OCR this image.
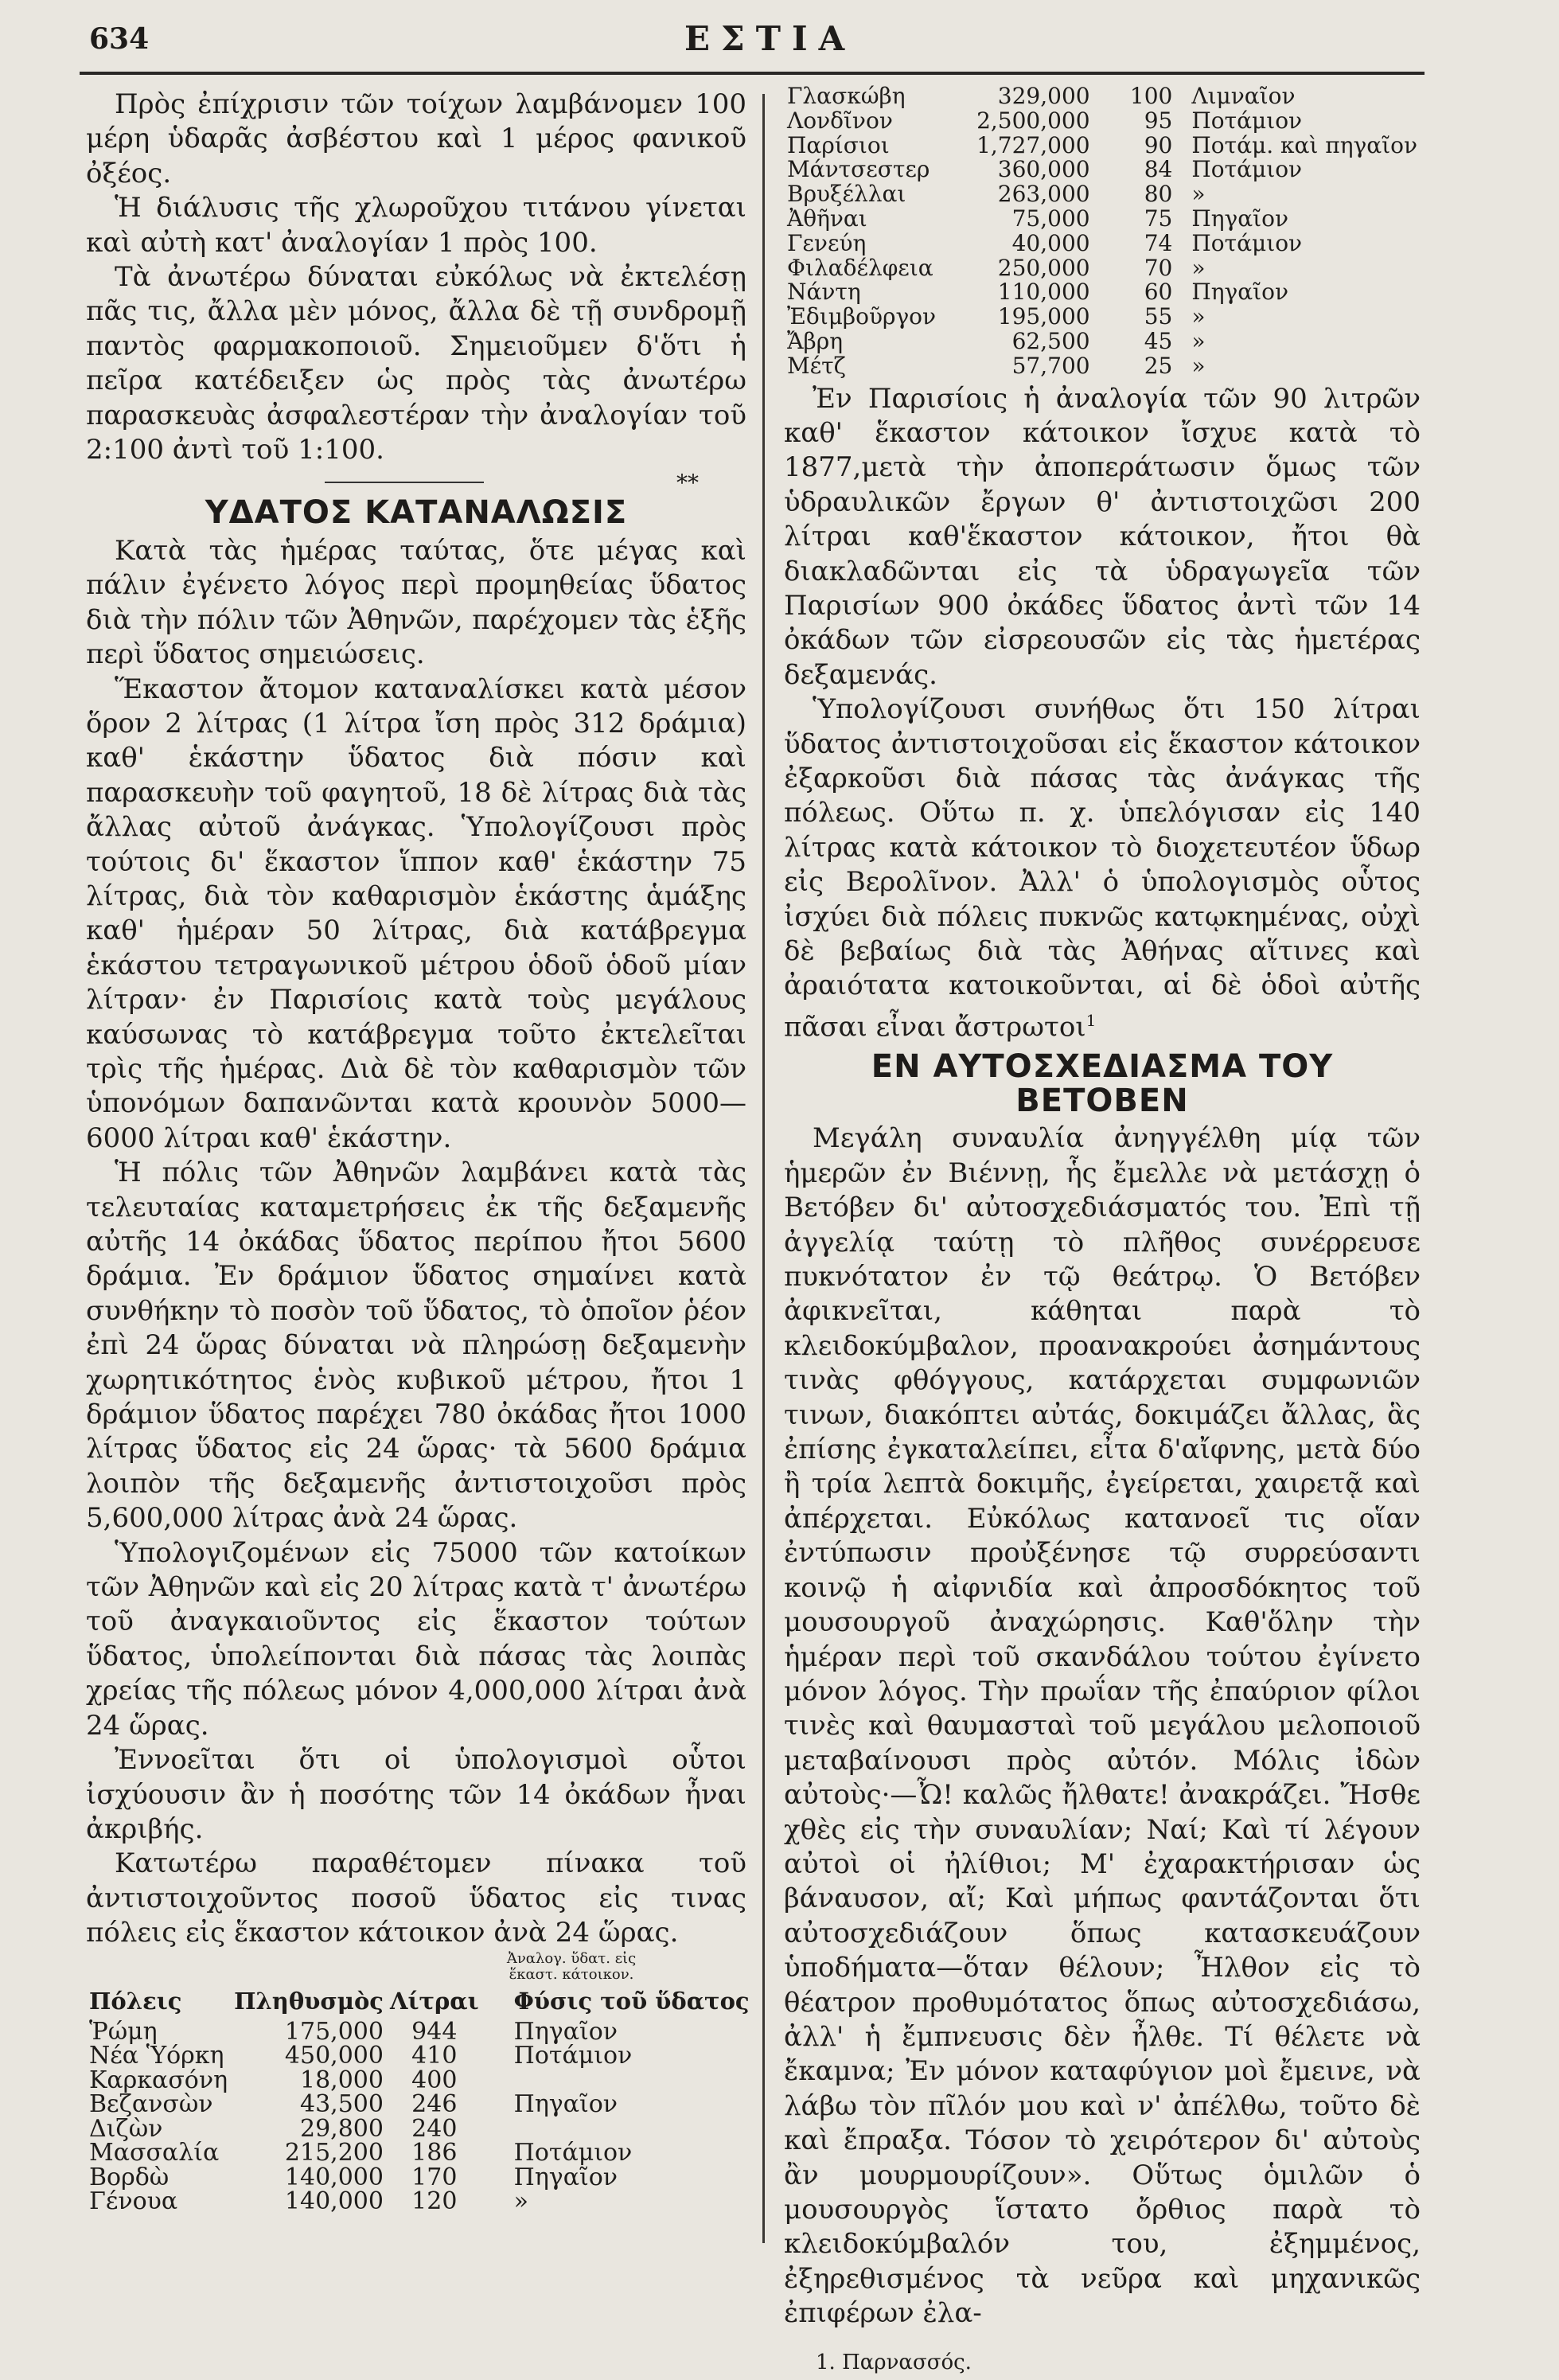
634	ΕΣΤΙΑ

Πρὸς ἐπίχρισιν τῶν τοίχων λαμβάνομεν 100 μέρη ὑδαρᾶς ἀσβέστου καὶ 1 μέρος φανικοῦ ὀξέος.

Ἡ διάλυσις τῆς χλωροῦχου τιτάνου γίνεται καὶ αὐτὴ κατ' ἀναλογίαν 1 πρὸς 100.

Τὰ ἀνωτέρω δύναται εὐκόλως νὰ ἐκτελέσῃ πᾶς τις, ἄλλα μὲν μόνος, ἄλλα δὲ τῇ συνδρομῇ παντὸς φαρμακοποιοῦ. Σημειοῦμεν δ'ὅτι ἡ πεῖρα κατέδειξεν ὡς πρὸς τὰς ἀνωτέρω παρασκευὰς ἀσφαλεστέραν τὴν ἀναλογίαν τοῦ 2:100 ἀντὶ τοῦ 1:100.

**
ΥΔΑΤΟΣ ΚΑΤΑΝΑΛΩΣΙΣ

Κατὰ τὰς ἡμέρας ταύτας, ὅτε μέγας καὶ πάλιν ἐγένετο λόγος περὶ προμηθείας ὕδατος διὰ τὴν πόλιν τῶν Ἀθηνῶν, παρέχομεν τὰς ἑξῆς περὶ ὕδατος σημειώσεις.

Ἕκαστον ἄτομον καταναλίσκει κατὰ μέσον ὅρον 2 λίτρας (1 λίτρα ἴση πρὸς 312 δράμια) καθ' ἑκάστην ὕδατος διὰ πόσιν καὶ παρασκευὴν τοῦ φαγητοῦ, 18 δὲ λίτρας διὰ τὰς ἄλλας αὐτοῦ ἀνάγκας. Ὑπολογίζουσι πρὸς τούτοις δι' ἕκαστον ἵππον καθ' ἑκάστην 75 λίτρας, διὰ τὸν καθαρισμὸν ἑκάστης ἁμάξης καθ' ἡμέραν 50 λίτρας, διὰ κατάβρεγμα ἑκάστου τετραγωνικοῦ μέτρου ὁδοῦ ὁδοῦ μίαν λίτραν· ἐν Παρισίοις κατὰ τοὺς μεγάλους καύσωνας τὸ κατάβρεγμα τοῦτο ἐκτελεῖται τρὶς τῆς ἡμέρας. Διὰ δὲ τὸν καθαρισμὸν τῶν ὑπονόμων δαπανῶνται κατὰ κρουνὸν 5000—6000 λίτραι καθ' ἑκάστην.

Ἡ πόλις τῶν Ἀθηνῶν λαμβάνει κατὰ τὰς τελευταίας καταμετρήσεις ἐκ τῆς δεξαμενῆς αὐτῆς 14 ὀκάδας ὕδατος περίπου ἤτοι 5600 δράμια. Ἐν δράμιον ὕδατος σημαίνει κατὰ συνθήκην τὸ ποσὸν τοῦ ὕδατος, τὸ ὁποῖον ῥέον ἐπὶ 24 ὥρας δύναται νὰ πληρώσῃ δεξαμενὴν χωρητικότητος ἑνὸς κυβικοῦ μέτρου, ἤτοι 1 δράμιον ὕδατος παρέχει 780 ὀκάδας ἤτοι 1000 λίτρας ὕδατος εἰς 24 ὥρας· τὰ 5600 δράμια λοιπὸν τῆς δεξαμενῆς ἀντιστοιχοῦσι πρὸς 5,600,000 λίτρας ἀνὰ 24 ὥρας.

Ὑπολογιζομένων εἰς 75000 τῶν κατοίκων τῶν Ἀθηνῶν καὶ εἰς 20 λίτρας κατὰ τ' ἀνωτέρω τοῦ ἀναγκαιοῦντος εἰς ἕκαστον τούτων ὕδατος, ὑπολείπονται διὰ πάσας τὰς λοιπὰς χρείας τῆς πόλεως μόνον 4,000,000 λίτραι ἀνὰ 24 ὥρας.

Ἐννοεῖται ὅτι οἱ ὑπολογισμοὶ οὗτοι ἰσχύουσιν ἂν ἡ ποσότης τῶν 14 ὀκάδων ἦναι ἀκριβής.

Κατωτέρω παραθέτομεν πίνακα τοῦ ἀντιστοιχοῦντος ποσοῦ ὕδατος εἰς τινας πόλεις εἰς ἕκαστον κάτοικον ἀνὰ 24 ὥρας.

Ἀναλογ. ὕδατ. εἰς ἕκαστ. κάτοικον.
Πόλεις	Πληθυσμὸς	Λίτραι	Φύσις τοῦ ὕδατος
Ῥώμη	175,000	944	Πηγαῖον
Νέα Ὑόρκη	450,000	410	Ποτάμιον
Καρκασόνη	18,000	400	
Βεζανσὼν	43,500	246	Πηγαῖον
Διζὼν	29,800	240	
Μασσαλία	215,200	186	Ποτάμιον
Βορδὼ	140,000	170	Πηγαῖον
Γένουα	140,000	120	»
Γλασκώβη	329,000	100	Λιμναῖον
Λονδῖνον	2,500,000	95	Ποτάμιον
Παρίσιοι	1,727,000	90	Ποτάμ. καὶ πηγαῖον
Μάντσεστερ	360,000	84	Ποτάμιον
Βρυξέλλαι	263,000	80	»
Ἀθῆναι	75,000	75	Πηγαῖον
Γενεύη	40,000	74	Ποτάμιον
Φιλαδέλφεια	250,000	70	»
Νάντη	110,000	60	Πηγαῖον
Ἐδιμβοῦργον	195,000	55	»
Ἄβρη	62,500	45	»
Μέτζ	57,700	25	»

Ἐν Παρισίοις ἡ ἀναλογία τῶν 90 λιτρῶν καθ' ἕκαστον κάτοικον ἴσχυε κατὰ τὸ 1877,μετὰ τὴν ἀποπεράτωσιν ὅμως τῶν ὑδραυλικῶν ἔργων θ' ἀντιστοιχῶσι 200 λίτραι καθ'ἕκαστον κάτοικον, ἤτοι θὰ διακλαδῶνται εἰς τὰ ὑδραγωγεῖα τῶν Παρισίων 900 ὀκάδες ὕδατος ἀντὶ τῶν 14 ὀκάδων τῶν εἰσρεουσῶν εἰς τὰς ἡμετέρας δεξαμενάς.

Ὑπολογίζουσι συνήθως ὅτι 150 λίτραι ὕδατος ἀντιστοιχοῦσαι εἰς ἕκαστον κάτοικον ἐξαρκοῦσι διὰ πάσας τὰς ἀνάγκας τῆς πόλεως. Οὕτω π. χ. ὑπελόγισαν εἰς 140 λίτρας κατὰ κάτοικον τὸ διοχετευτέον ὕδωρ εἰς Βερολῖνον. Ἀλλ' ὁ ὑπολογισμὸς οὗτος ἰσχύει διὰ πόλεις πυκνῶς κατῳκημένας, οὐχὶ δὲ βεβαίως διὰ τὰς Ἀθήνας αἵτινες καὶ ἀραιότατα κατοικοῦνται, αἱ δὲ ὁδοὶ αὐτῆς πᾶσαι εἶναι ἄστρωτοι$^1$

ΕΝ ΑΥΤΟΣΧΕΔΙΑΣΜΑ ΤΟΥ ΒΕΤΟΒΕΝ

Μεγάλη συναυλία ἀνηγγέλθη μίᾳ τῶν ἡμερῶν ἐν Βιέννῃ, ἧς ἔμελλε νὰ μετάσχῃ ὁ Βετόβεν δι' αὐτοσχεδιάσματός του. Ἐπὶ τῇ ἀγγελίᾳ ταύτῃ τὸ πλῆθος συνέρρευσε πυκνότατον ἐν τῷ θεάτρῳ. Ὁ Βετόβεν ἀφικνεῖται, κάθηται παρὰ τὸ κλειδοκύμβαλον, προανακρούει ἀσημάντους τινὰς φθόγγους, κατάρχεται συμφωνιῶν τινων, διακόπτει αὐτάς, δοκιμάζει ἄλλας, ἃς ἐπίσης ἐγκαταλείπει, εἶτα δ'αἴφνης, μετὰ δύο ἢ τρία λεπτὰ δοκιμῆς, ἐγείρεται, χαιρετᾷ καὶ ἀπέρχεται. Εὐκόλως κατανοεῖ τις οἵαν ἐντύπωσιν προὐξένησε τῷ συρρεύσαντι κοινῷ ἡ αἰφνιδία καὶ ἀπροσδόκητος τοῦ μουσουργοῦ ἀναχώρησις. Καθ'ὅλην τὴν ἡμέραν περὶ τοῦ σκανδάλου τούτου ἐγίνετο μόνον λόγος. Τὴν πρωΐαν τῆς ἐπαύριον φίλοι τινὲς καὶ θαυμασταὶ τοῦ μεγάλου μελοποιοῦ μεταβαίνουσι πρὸς αὐτόν. Μόλις ἰδὼν αὐτοὺς·—Ὦ! καλῶς ἤλθατε! ἀνακράζει. Ἤσθε χθὲς εἰς τὴν συναυλίαν; Ναί; Καὶ τί λέγουν αὐτοὶ οἱ ἠλίθιοι; Μ' ἐχαρακτήρισαν ὡς βάναυσον, αἴ; Καὶ μήπως φαντάζονται ὅτι αὐτοσχεδιάζουν ὅπως κατασκευάζουν ὑποδήματα—ὅταν θέλουν; Ἦλθον εἰς τὸ θέατρον προθυμότατος ὅπως αὐτοσχεδιάσω, ἀλλ' ἡ ἔμπνευσις δὲν ἦλθε. Τί θέλετε νὰ ἔκαμνα; Ἐν μόνον καταφύγιον μοὶ ἔμεινε, νὰ λάβω τὸν πῖλόν μου καὶ ν' ἀπέλθω, τοῦτο δὲ καὶ ἔπραξα. Τόσον τὸ χειρότερον δι' αὐτοὺς ἂν μουρμουρίζουν». Οὕτως ὁμιλῶν ὁ μουσουργὸς ἵστατο ὄρθιος παρὰ τὸ κλειδοκύμβαλόν του, ἐξημμένος, ἐξηρεθισμένος τὰ νεῦρα καὶ μηχανικῶς ἐπιφέρων ἐλα-

1. Παρνασσός.
